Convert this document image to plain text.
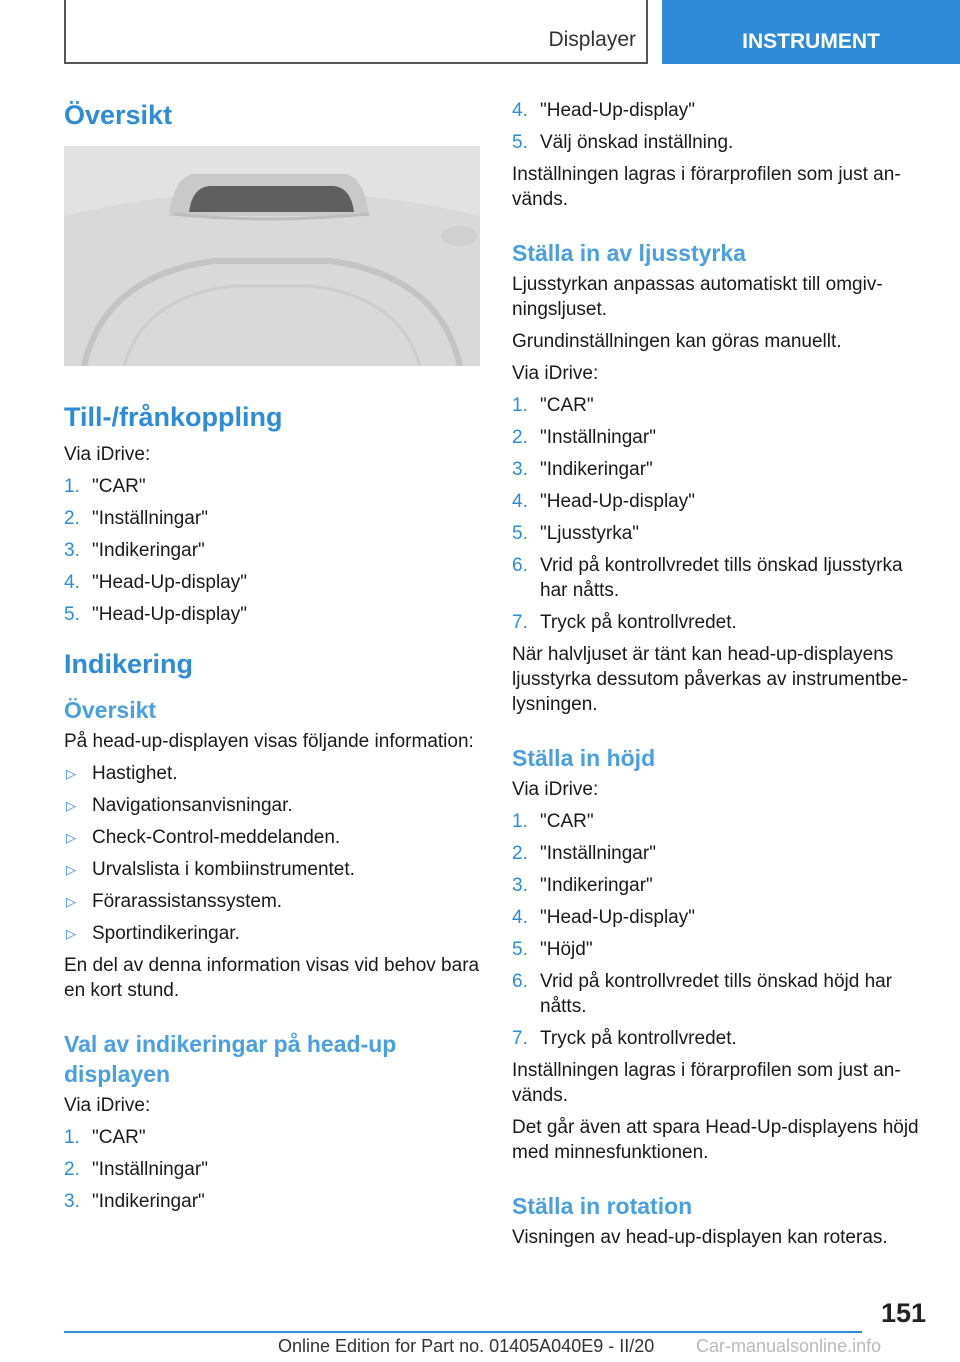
Displayer	INSTRUMENT
Översikt
Till-/frånkoppling

Via iDrive:

1. "CAR"
2. "Inställningar"
3. "Indikeringar"
4. "Head-Up-display"
5. "Head-Up-display"
Indikering
Översikt

På head-up-displayen visas följande information:

▷ Hastighet.
▷ Navigationsanvisningar.
▷ Check-Control-meddelanden.
▷ Urvalslista i kombiinstrumentet.
▷ Förarassistanssystem.
▷ Sportindikeringar.

En del av denna information visas vid behov bara en kort stund.

Val av indikeringar på head-up displayen

Via iDrive:

1. "CAR"
2. "Inställningar"
3. "Indikeringar"
4. "Head-Up-display"
5. Välj önskad inställning.

Inställningen lagras i förarprofilen som just används.

Ställa in av ljusstyrka

Ljusstyrkan anpassas automatiskt till omgivningsljuset.

Grundinställningen kan göras manuellt.

Via iDrive:

1. "CAR"
2. "Inställningar"
3. "Indikeringar"
4. "Head-Up-display"
5. "Ljusstyrka"
6. Vrid på kontrollvredet tills önskad ljusstyrka har nåtts.
7. Tryck på kontrollvredet.

När halvljuset är tänt kan head-up-displayens ljusstyrka dessutom påverkas av instrumentbelysningen.

Ställa in höjd

Via iDrive:

1. "CAR"
2. "Inställningar"
3. "Indikeringar"
4. "Head-Up-display"
5. "Höjd"
6. Vrid på kontrollvredet tills önskad höjd har nåtts.
7. Tryck på kontrollvredet.

Inställningen lagras i förarprofilen som just används.

Det går även att spara Head-Up-displayens höjd med minnesfunktionen.

Ställa in rotation

Visningen av head-up-displayen kan roteras.

151
Online Edition for Part no. 01405A040E9 - II/20 Car-manualsonline.info
